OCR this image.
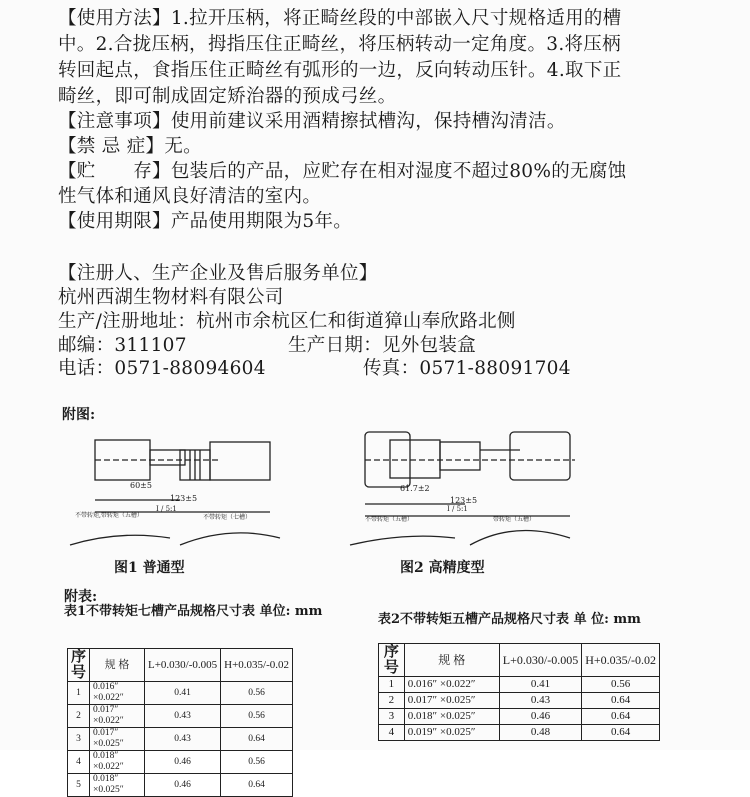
【使用方法】1.拉开压柄，将正畸丝段的中部嵌入尺寸规格适用的槽
中。2.合拢压柄，拇指压住正畸丝，将压柄转动一定角度。3.将压柄
转回起点，食指压住正畸丝有弧形的一边，反向转动压针。4.取下正
畸丝，即可制成固定矫治器的预成弓丝。
【注意事项】使用前建议采用酒精擦拭槽沟，保持槽沟清洁。
【禁 忌 症】无。
【贮　　存】包装后的产品，应贮存在相对湿度不超过80%的无腐蚀
性气体和通风良好清洁的室内。
【使用期限】产品使用期限为5年。
【注册人、生产企业及售后服务单位】
杭州西湖生物材料有限公司
生产/注册地址：杭州市余杭区仁和街道獐山奉欣路北侧
邮编：311107	生产日期：见外包装盒
电话：0571-88094604	传真：0571-88091704
附图:
60±5
123±5
不带转矩,带转矩（五槽）
I / 5:1
不带转矩（七槽）
图1 普通型
61.7±2
123±5
不带转矩（五槽）
I / 5:1
带转矩（五槽）
图2 高精度型
附表:
表1不带转矩七槽产品规格尺寸表 单位: mm
表2不带转矩五槽产品规格尺寸表 单 位: mm
序号	规 格	L+0.030/-0.005	H+0.035/-0.02
1	0.016″ ×0.022″	0.41	0.56
2	0.017″ ×0.022″	0.43	0.56
3	0.017″ ×0.025″	0.43	0.64
4	0.018″ ×0.022″	0.46	0.56
5	0.018″ ×0.025″	0.46	0.64
序号	规 格	L+0.030/-0.005	H+0.035/-0.02
1	0.016″ ×0.022″	0.41	0.56
2	0.017″ ×0.025″	0.43	0.64
3	0.018″ ×0.025″	0.46	0.64
4	0.019″ ×0.025″	0.48	0.64
